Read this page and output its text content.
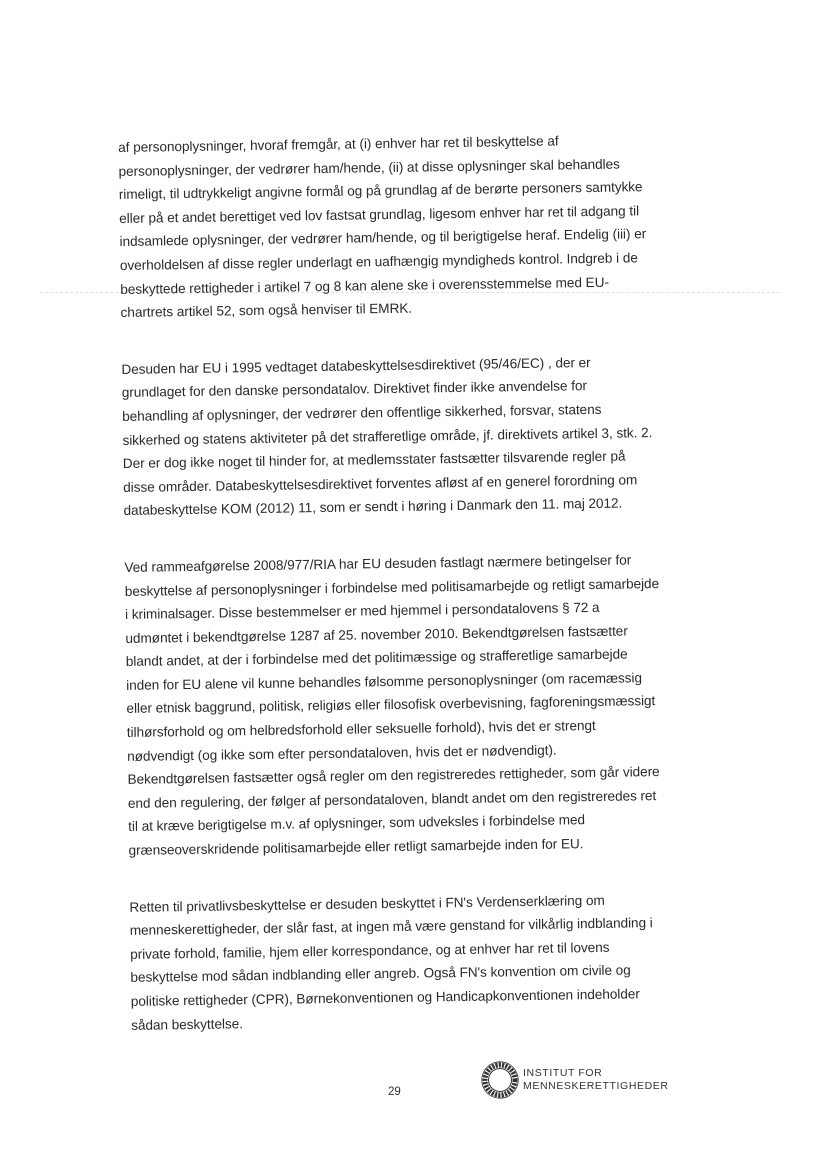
af personoplysninger, hvoraf fremgår, at (i) enhver har ret til beskyttelse af
personoplysninger, der vedrører ham/hende, (ii) at disse oplysninger skal behandles
rimeligt, til udtrykkeligt angivne formål og på grundlag af de berørte personers samtykke
eller på et andet berettiget ved lov fastsat grundlag, ligesom enhver har ret til adgang til
indsamlede oplysninger, der vedrører ham/hende, og til berigtigelse heraf. Endelig (iii) er
overholdelsen af disse regler underlagt en uafhængig myndigheds kontrol. Indgreb i de
beskyttede rettigheder i artikel 7 og 8 kan alene ske i overensstemmelse med EU-
chartrets artikel 52, som også henviser til EMRK.
Desuden har EU i 1995 vedtaget databeskyttelsesdirektivet (95/46/EC) , der er
grundlaget for den danske persondatalov. Direktivet finder ikke anvendelse for
behandling af oplysninger, der vedrører den offentlige sikkerhed, forsvar, statens
sikkerhed og statens aktiviteter på det strafferetlige område, jf. direktivets artikel 3, stk. 2.
Der er dog ikke noget til hinder for, at medlemsstater fastsætter tilsvarende regler på
disse områder. Databeskyttelsesdirektivet forventes afløst af en generel forordning om
databeskyttelse KOM (2012) 11, som er sendt i høring i Danmark den 11. maj 2012.
Ved rammeafgørelse 2008/977/RIA har EU desuden fastlagt nærmere betingelser for
beskyttelse af personoplysninger i forbindelse med politisamarbejde og retligt samarbejde
i kriminalsager. Disse bestemmelser er med hjemmel i persondatalovens § 72 a
udmøntet i bekendtgørelse 1287 af 25. november 2010. Bekendtgørelsen fastsætter
blandt andet, at der i forbindelse med det politimæssige og strafferetlige samarbejde
inden for EU alene vil kunne behandles følsomme personoplysninger (om racemæssig
eller etnisk baggrund, politisk, religiøs eller filosofisk overbevisning, fagforeningsmæssigt
tilhørsforhold og om helbredsforhold eller seksuelle forhold), hvis det er strengt
nødvendigt (og ikke som efter persondataloven, hvis det er nødvendigt).
Bekendtgørelsen fastsætter også regler om den registreredes rettigheder, som går videre
end den regulering, der følger af persondataloven, blandt andet om den registreredes ret
til at kræve berigtigelse m.v. af oplysninger, som udveksles i forbindelse med
grænseoverskridende politisamarbejde eller retligt samarbejde inden for EU.
Retten til privatlivsbeskyttelse er desuden beskyttet i FN's Verdenserklæring om
menneskerettigheder, der slår fast, at ingen må være genstand for vilkårlig indblanding i
private forhold, familie, hjem eller korrespondance, og at enhver har ret til lovens
beskyttelse mod sådan indblanding eller angreb. Også FN's konvention om civile og
politiske rettigheder (CPR), Børnekonventionen og Handicapkonventionen indeholder
sådan beskyttelse.
29
INSTITUT FOR
MENNESKERETTIGHEDER
